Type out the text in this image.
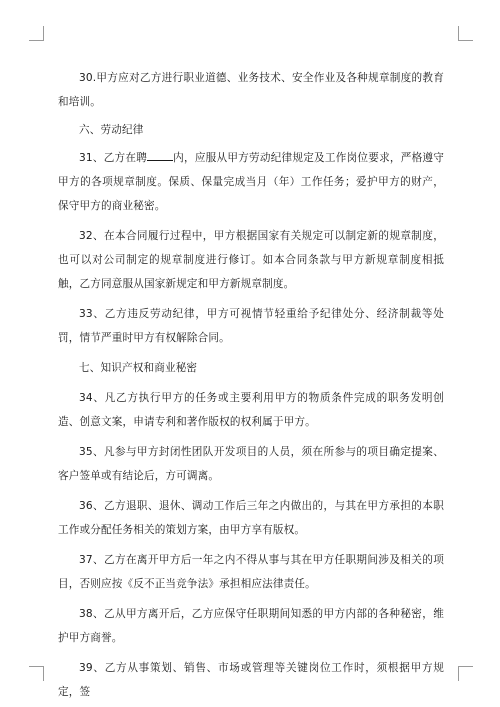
30.甲方应对乙方进行职业道德、业务技术、安全作业及各种规章制度的教育和培训。

六、劳动纪律

31、乙方在聘 内，应服从甲方劳动纪律规定及工作岗位要求，严格遵守甲方的各项规章制度。保质、保量完成当月（年）工作任务；爱护甲方的财产，保守甲方的商业秘密。

32、在本合同履行过程中，甲方根据国家有关规定可以制定新的规章制度，也可以对公司制定的规章制度进行修订。如本合同条款与甲方新规章制度相抵触，乙方同意服从国家新规定和甲方新规章制度。

33、乙方违反劳动纪律，甲方可视情节轻重给予纪律处分、经济制裁等处罚，情节严重时甲方有权解除合同。

七、知识产权和商业秘密

34、凡乙方执行甲方的任务或主要利用甲方的物质条件完成的职务发明创造、创意文案，申请专利和著作版权的权利属于甲方。

35、凡参与甲方封闭性团队开发项目的人员，须在所参与的项目确定提案、客户签单或有结论后，方可调离。

36、乙方退职、退休、调动工作后三年之内做出的，与其在甲方承担的本职工作或分配任务相关的策划方案，由甲方享有版权。

37、乙方在离开甲方后一年之内不得从事与其在甲方任职期间涉及相关的项目，否则应按《反不正当竞争法》承担相应法律责任。

38、乙从甲方离开后，乙方应保守任职期间知悉的甲方内部的各种秘密，维护甲方商誉。

39、乙方从事策划、销售、市场或管理等关键岗位工作时，须根据甲方规定，签
